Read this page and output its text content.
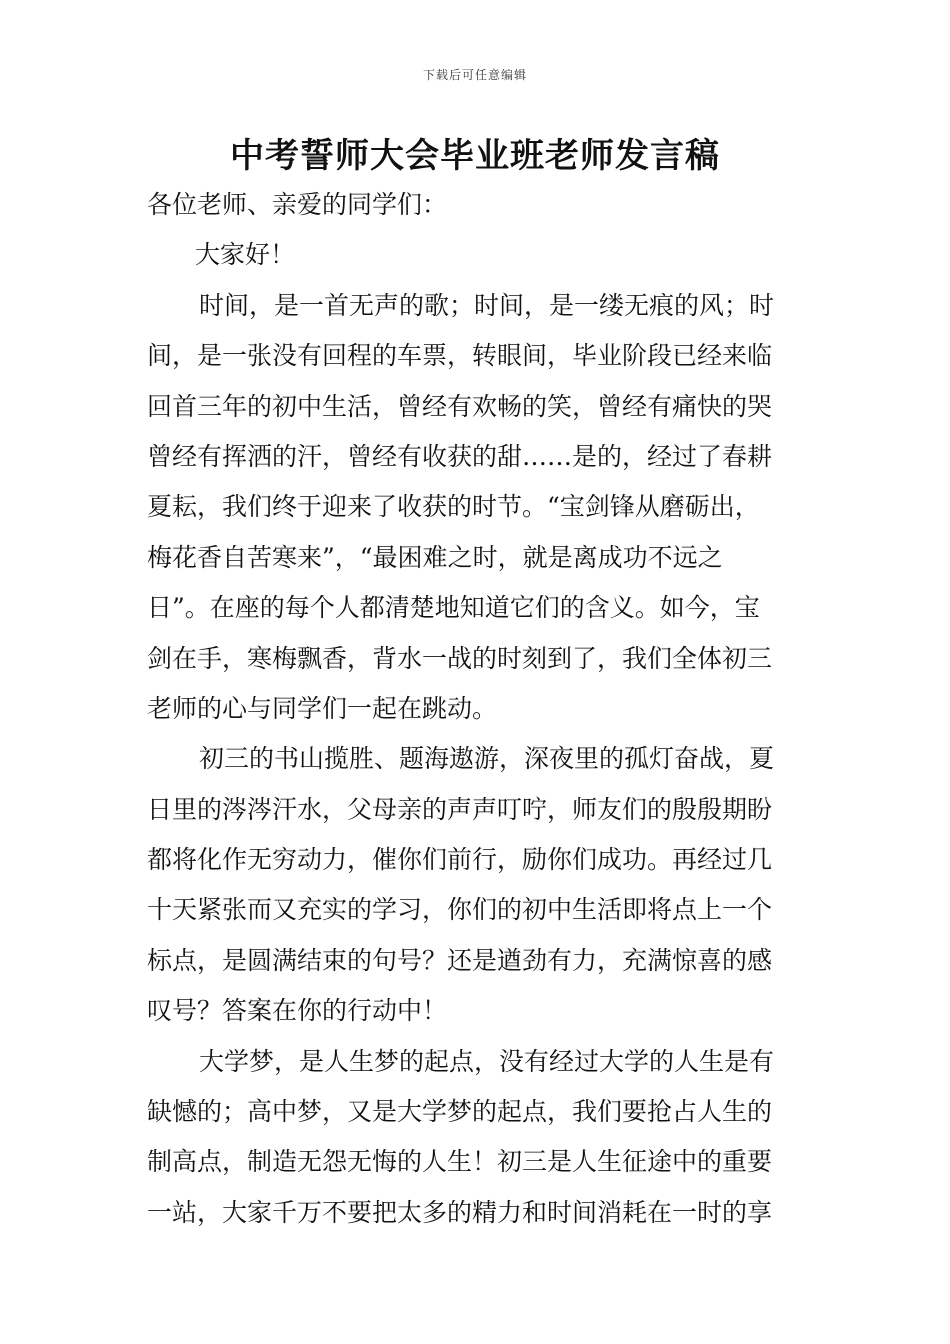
下载后可任意编辑
中考誓师大会毕业班老师发言稿
各位老师、亲爱的同学们：
大家好！
时间，是一首无声的歌；时间，是一缕无痕的风；时
间，是一张没有回程的车票，转眼间，毕业阶段已经来临
回首三年的初中生活，曾经有欢畅的笑，曾经有痛快的哭
曾经有挥洒的汗，曾经有收获的甜……是的，经过了春耕
夏耘，我们终于迎来了收获的时节。“宝剑锋从磨砺出，
梅花香自苦寒来”，“最困难之时，就是离成功不远之
日”。在座的每个人都清楚地知道它们的含义。如今，宝
剑在手，寒梅飘香，背水一战的时刻到了，我们全体初三
老师的心与同学们一起在跳动。
初三的书山揽胜、题海遨游，深夜里的孤灯奋战，夏
日里的涔涔汗水，父母亲的声声叮咛，师友们的殷殷期盼
都将化作无穷动力，催你们前行，励你们成功。再经过几
十天紧张而又充实的学习，你们的初中生活即将点上一个
标点，是圆满结束的句号？还是遒劲有力，充满惊喜的感
叹号？答案在你的行动中！
大学梦，是人生梦的起点，没有经过大学的人生是有
缺憾的；高中梦，又是大学梦的起点，我们要抢占人生的
制高点，制造无怨无悔的人生！初三是人生征途中的重要
一站，大家千万不要把太多的精力和时间消耗在一时的享
